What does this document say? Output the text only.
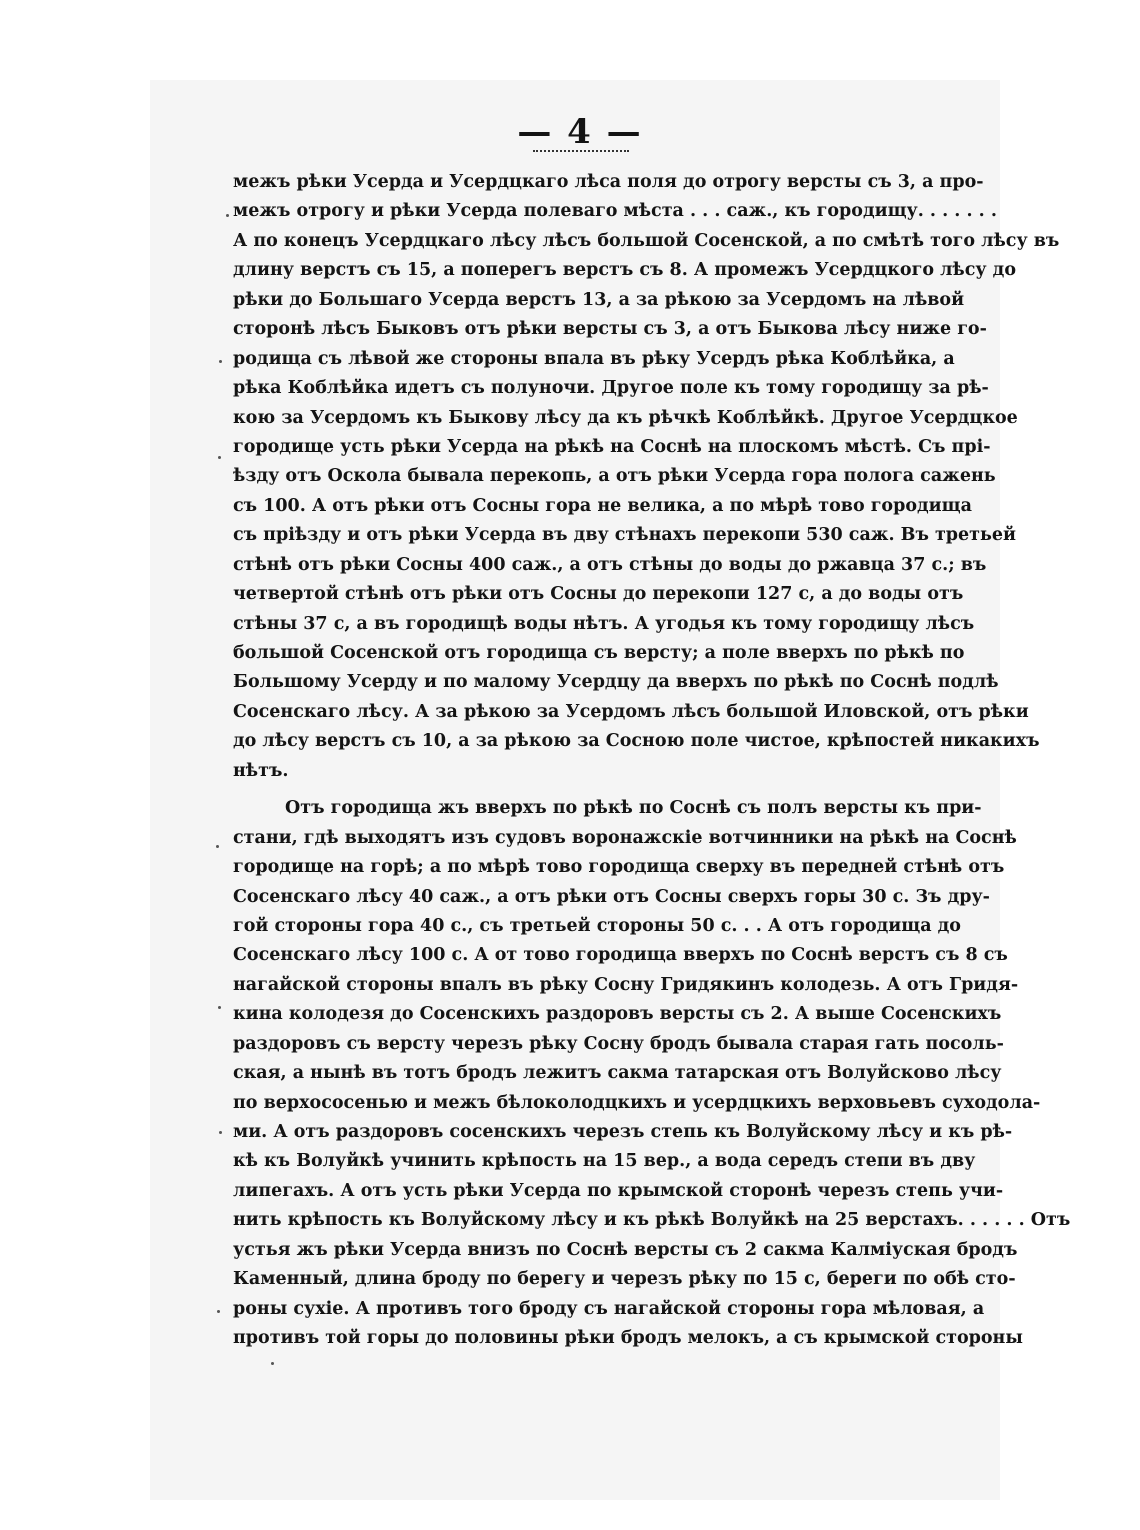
— 4 —
межъ рѣки Усерда и Усердцкаго лѣса поля до отрогу версты съ 3, а про-
межъ отрогу и рѣки Усерда полеваго мѣста . . . саж., къ городищу. . . . . . .
А по конецъ Усердцкаго лѣсу лѣсъ большой Сосенской, а по смѣтѣ того лѣсу въ
длину верстъ съ 15, а поперегъ верстъ съ 8. А промежъ Усердцкого лѣсу до
рѣки до Большаго Усерда верстъ 13, а за рѣкою за Усердомъ на лѣвой
сторонѣ лѣсъ Быковъ отъ рѣки версты съ 3, а отъ Быкова лѣсу ниже го-
родища съ лѣвой же стороны впала въ рѣку Усердъ рѣка Коблѣйка, а
рѣка Коблѣйка идетъ съ полуночи. Другое поле къ тому городищу за рѣ-
кою за Усердомъ къ Быкову лѣсу да къ рѣчкѣ Коблѣйкѣ. Другое Усердцкое
городище усть рѣки Усерда на рѣкѣ на Соснѣ на плоскомъ мѣстѣ. Съ прі-
ѣзду отъ Оскола бывала перекопь, а отъ рѣки Усерда гора полога сажень
съ 100. А отъ рѣки отъ Сосны гора не велика, а по мѣрѣ тово городища
съ пріѣзду и отъ рѣки Усерда въ дву стѣнахъ перекопи 530 саж. Въ третьей
стѣнѣ отъ рѣки Сосны 400 саж., а отъ стѣны до воды до ржавца 37 с.; въ
четвертой стѣнѣ отъ рѣки отъ Сосны до перекопи 127 с, а до воды отъ
стѣны 37 с, а въ городищѣ воды нѣтъ. А угодья къ тому городищу лѣсъ
большой Сосенской отъ городища съ версту; а поле вверхъ по рѣкѣ по
Большому Усерду и по малому Усердцу да вверхъ по рѣкѣ по Соснѣ подлѣ
Сосенскаго лѣсу. А за рѣкою за Усердомъ лѣсъ большой Иловской, отъ рѣки
до лѣсу верстъ съ 10, а за рѣкою за Сосною поле чистое, крѣпостей никакихъ
нѣтъ.
Отъ городища жъ вверхъ по рѣкѣ по Соснѣ съ полъ версты къ при-
стани, гдѣ выходятъ изъ судовъ воронажскіе вотчинники на рѣкѣ на Соснѣ
городище на горѣ; а по мѣрѣ тово городища сверху въ передней стѣнѣ отъ
Сосенскаго лѣсу 40 саж., а отъ рѣки отъ Сосны сверхъ горы 30 с. Зъ дру-
гой стороны гора 40 с., съ третьей стороны 50 с. . . А отъ городища до
Сосенскаго лѣсу 100 с. А от тово городища вверхъ по Соснѣ верстъ съ 8 съ
нагайской стороны впалъ въ рѣку Сосну Гридякинъ колодезь. А отъ Гридя-
кина колодезя до Сосенскихъ раздоровъ версты съ 2. А выше Сосенскихъ
раздоровъ съ версту черезъ рѣку Сосну бродъ бывала старая гать посоль-
ская, а нынѣ въ тотъ бродъ лежитъ сакма татарская отъ Волуйсково лѣсу
по верхососенью и межъ бѣлоколодцкихъ и усердцкихъ верховьевъ суходола-
ми. А отъ раздоровъ сосенскихъ черезъ степь къ Волуйскому лѣсу и къ рѣ-
кѣ къ Волуйкѣ учинить крѣпость на 15 вер., а вода середъ степи въ дву
липегахъ. А отъ усть рѣки Усерда по крымской сторонѣ черезъ степь учи-
нить крѣпость къ Волуйскому лѣсу и къ рѣкѣ Волуйкѣ на 25 верстахъ. . . . . . Отъ
устья жъ рѣки Усерда внизъ по Соснѣ версты съ 2 сакма Калміуская бродъ
Каменный, длина броду по берегу и черезъ рѣку по 15 с, береги по обѣ сто-
роны сухіе. А противъ того броду съ нагайской стороны гора мѣловая, а
противъ той горы до половины рѣки бродъ мелокъ, а съ крымской стороны
